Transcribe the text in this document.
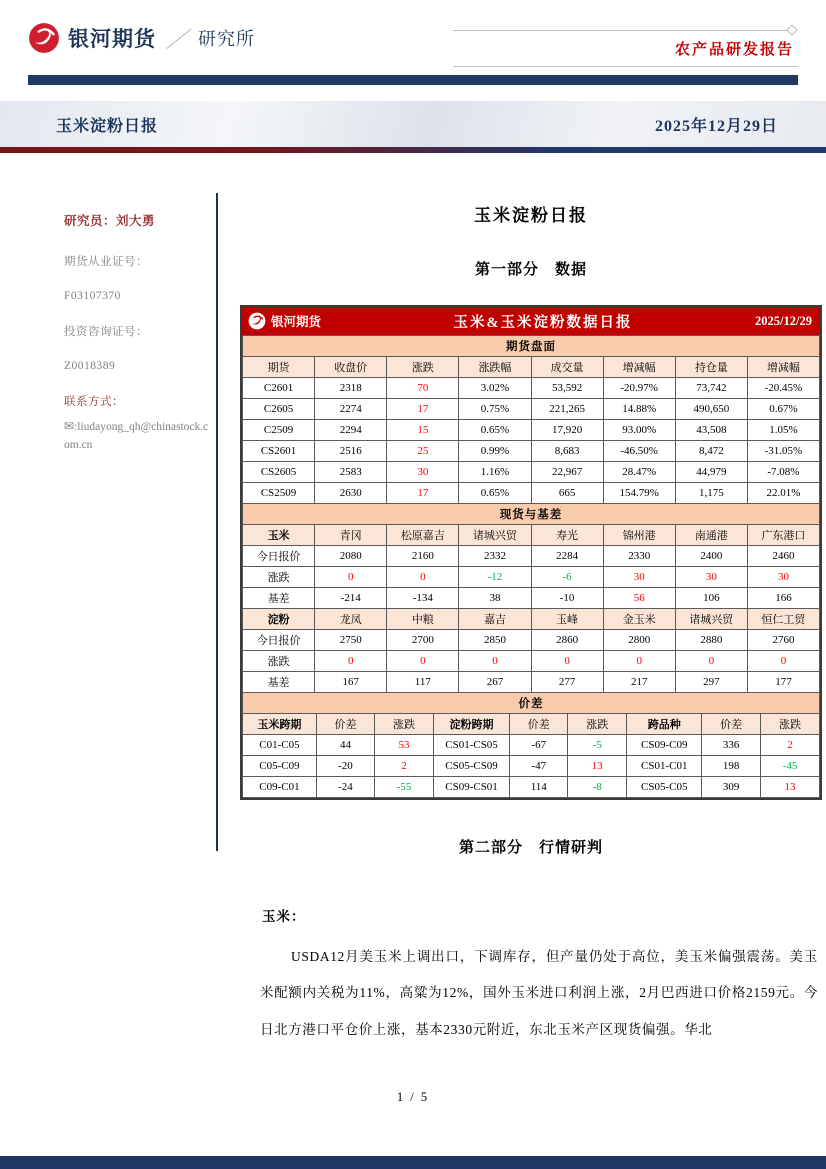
银河期货 ／ 研究所
农产品研发报告
玉米淀粉日报	2025年12月29日
研究员：刘大勇
期货从业证号：
F03107370
投资咨询证号：
Z0018389
联系方式：
✉:liudayong_qh@chinastock.com.cn
玉米淀粉日报
第一部分　数据
银河期货	玉米&玉米淀粉数据日报	2025/12/29
期货盘面							
期货	收盘价	涨跌	涨跌幅	成交量	增减幅	持仓量	增减幅
C2601	2318	70	3.02%	53,592	-20.97%	73,742	-20.45%
C2605	2274	17	0.75%	221,265	14.88%	490,650	0.67%
C2509	2294	15	0.65%	17,920	93.00%	43,508	1.05%
CS2601	2516	25	0.99%	8,683	-46.50%	8,472	-31.05%
CS2605	2583	30	1.16%	22,967	28.47%	44,979	-7.08%
CS2509	2630	17	0.65%	665	154.79%	1,175	22.01%
现货与基差							
玉米	青冈	松原嘉吉	诸城兴贸	寿光	锦州港	南通港	广东港口
今日报价	2080	2160	2332	2284	2330	2400	2460
涨跌	0	0	-12	-6	30	30	30
基差	-214	-134	38	-10	56	106	166
淀粉	龙凤	中粮	嘉吉	玉峰	金玉米	诸城兴贸	恒仁工贸
今日报价	2750	2700	2850	2860	2800	2880	2760
涨跌	0	0	0	0	0	0	0
基差	167	117	267	277	217	297	177
价差								
玉米跨期	价差	涨跌	淀粉跨期	价差	涨跌	跨品种	价差	涨跌
C01-C05	44	53	CS01-CS05	-67	-5	CS09-C09	336	2
C05-C09	-20	2	CS05-CS09	-47	13	CS01-C01	198	-45
C09-C01	-24	-55	CS09-CS01	114	-8	CS05-C05	309	13
第二部分　行情研判
玉米：

USDA12月美玉米上调出口，下调库存，但产量仍处于高位，美玉米偏强震荡。美玉米配额内关税为11%，高粱为12%，国外玉米进口利润上涨，2月巴西进口价格2159元。今日北方港口平仓价上涨，基本2330元附近，东北玉米产区现货偏强。华北

1 / 5
